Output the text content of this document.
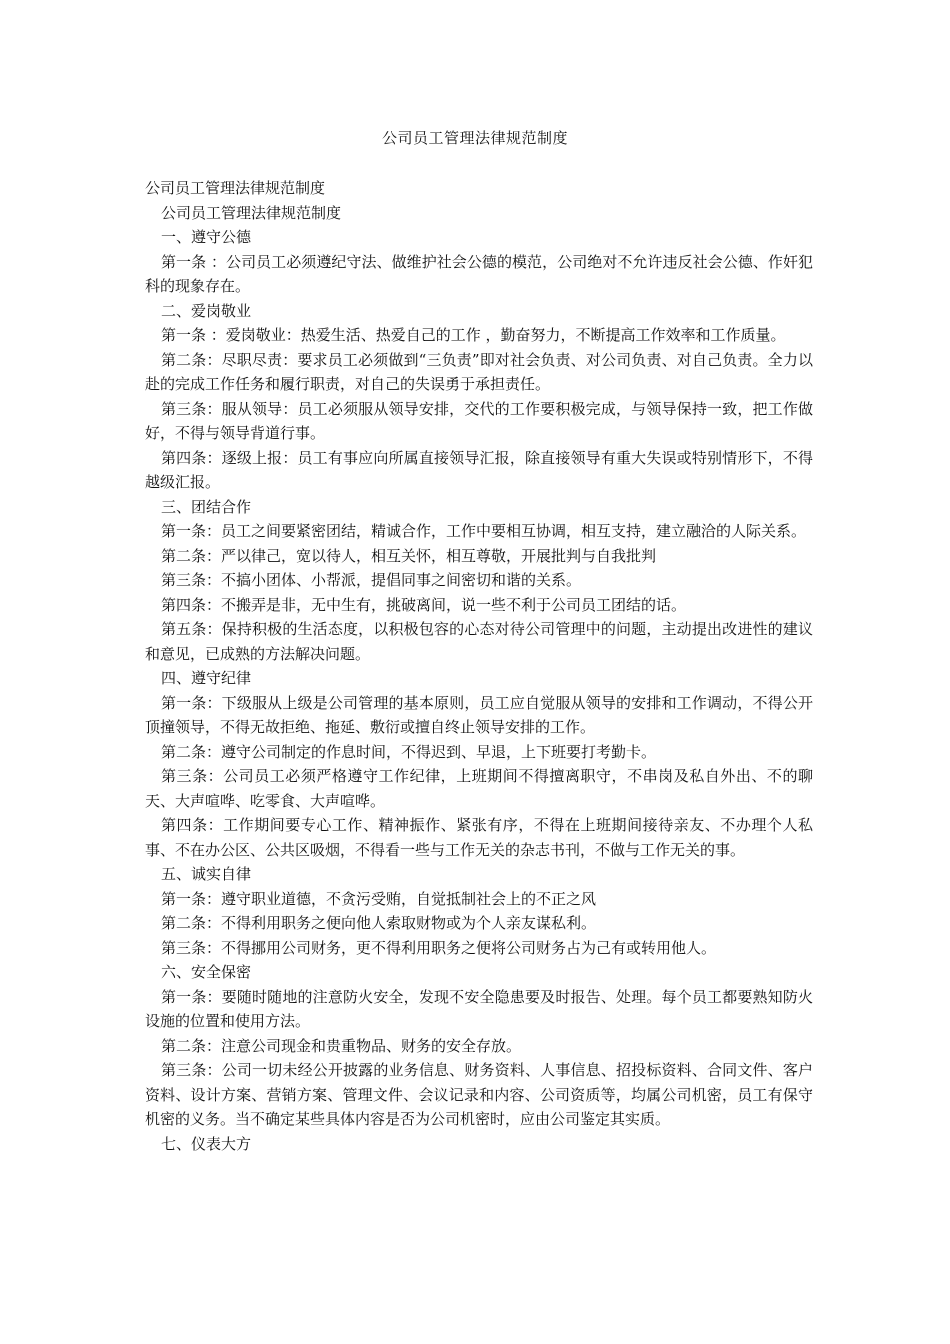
公司员工管理法律规范制度

公司员工管理法律规范制度

公司员工管理法律规范制度

一、遵守公德

第一条 ：公司员工必须遵纪守法、做维护社会公德的模范，公司绝对不允许违反社会公德、作奸犯科的现象存在。

二、爱岗敬业

第一条 ：爱岗敬业：热爱生活、热爱自己的工作 ，勤奋努力，不断提高工作效率和工作质量。

第二条：尽职尽责：要求员工必须做到“三负责”即对社会负责、对公司负责、对自己负责。全力以赴的完成工作任务和履行职责，对自己的失误勇于承担责任。

第三条：服从领导：员工必须服从领导安排，交代的工作要积极完成，与领导保持一致，把工作做好，不得与领导背道行事。

第四条：逐级上报：员工有事应向所属直接领导汇报，除直接领导有重大失误或特别情形下，不得越级汇报。

三、团结合作

第一条：员工之间要紧密团结，精诚合作，工作中要相互协调，相互支持，建立融洽的人际关系。

第二条：严以律己，宽以待人，相互关怀，相互尊敬，开展批判与自我批判

第三条：不搞小团体、小帮派，提倡同事之间密切和谐的关系。

第四条：不搬弄是非，无中生有，挑破离间，说一些不利于公司员工团结的话。

第五条：保持积极的生活态度，以积极包容的心态对待公司管理中的问题，主动提出改进性的建议和意见，已成熟的方法解决问题。

四、遵守纪律

第一条：下级服从上级是公司管理的基本原则，员工应自觉服从领导的安排和工作调动，不得公开顶撞领导，不得无故拒绝、拖延、敷衍或擅自终止领导安排的工作。

第二条：遵守公司制定的作息时间，不得迟到、早退，上下班要打考勤卡。

第三条：公司员工必须严格遵守工作纪律，上班期间不得擅离职守，不串岗及私自外出、不的聊天、大声喧哗、吃零食、大声喧哗。

第四条：工作期间要专心工作、精神振作、紧张有序，不得在上班期间接待亲友、不办理个人私事、不在办公区、公共区吸烟，不得看一些与工作无关的杂志书刊，不做与工作无关的事。

五、诚实自律

第一条：遵守职业道德，不贪污受贿，自觉抵制社会上的不正之风

第二条：不得利用职务之便向他人索取财物或为个人亲友谋私利。

第三条：不得挪用公司财务，更不得利用职务之便将公司财务占为己有或转用他人。

六、安全保密

第一条：要随时随地的注意防火安全，发现不安全隐患要及时报告、处理。每个员工都要熟知防火设施的位置和使用方法。

第二条：注意公司现金和贵重物品、财务的安全存放。

第三条：公司一切未经公开披露的业务信息、财务资料、人事信息、招投标资料、合同文件、客户资料、设计方案、营销方案、管理文件、会议记录和内容、公司资质等，均属公司机密，员工有保守机密的义务。当不确定某些具体内容是否为公司机密时，应由公司鉴定其实质。

七、仪表大方
